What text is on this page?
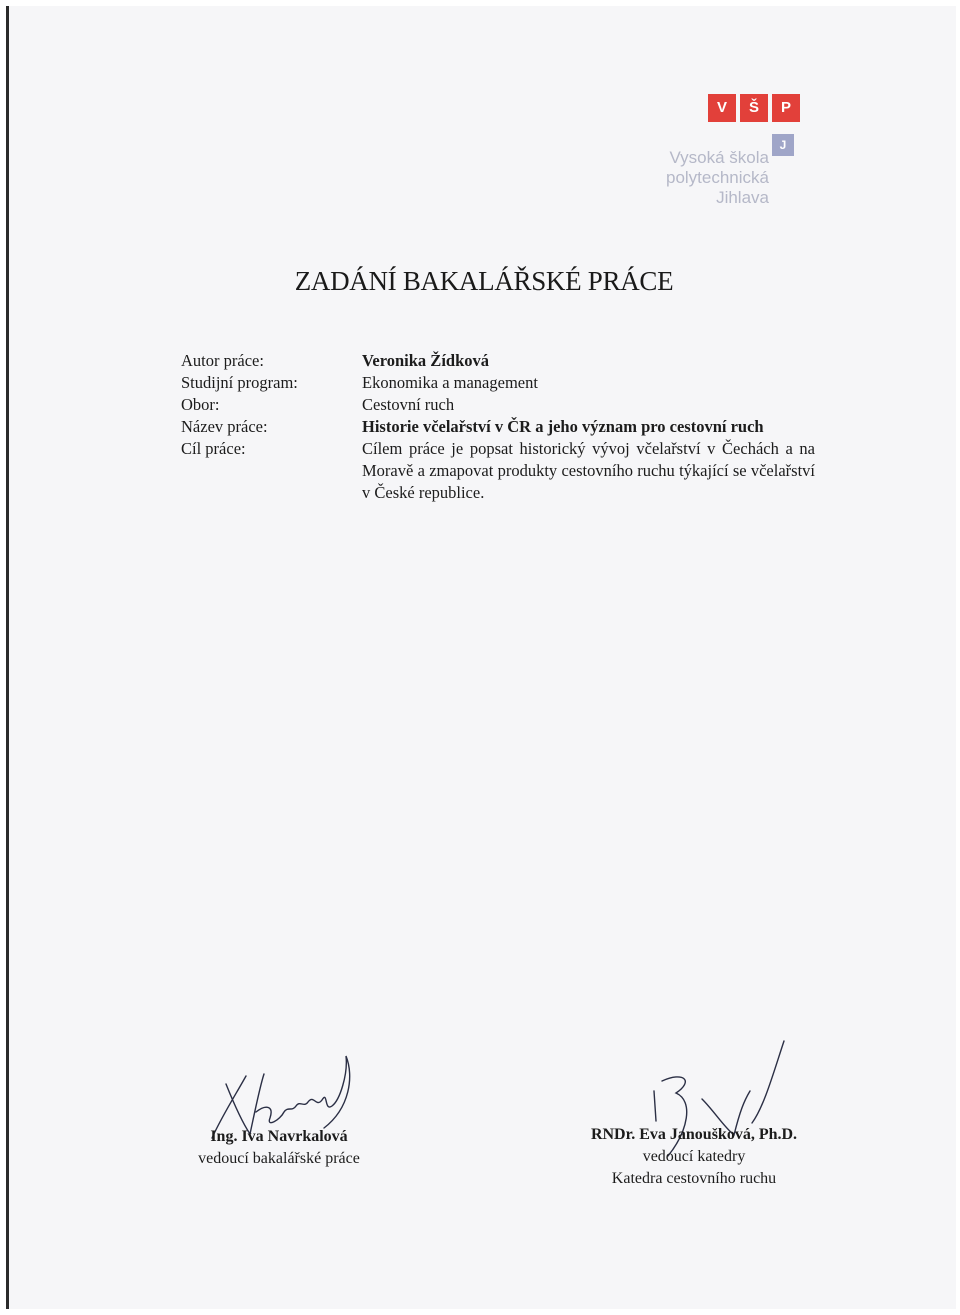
V	Š	P
J
Vysoká škola
polytechnická
Jihlava
ZADÁNÍ BAKALÁŘSKÉ PRÁCE
Autor práce:
Studijní program:
Obor:
Název práce:
Cíl práce:
Veronika Žídková
Ekonomika a management
Cestovní ruch
Historie včelařství v ČR a jeho význam pro cestovní ruch
Cílem práce je popsat historický vývoj včelařství v Čechách a na Moravě a zmapovat produkty cestovního ruchu týkající se včelařství v České republice.
Ing. Iva Navrkalová
vedoucí bakalářské práce
RNDr. Eva Janoušková, Ph.D.
vedoucí katedry
Katedra cestovního ruchu
